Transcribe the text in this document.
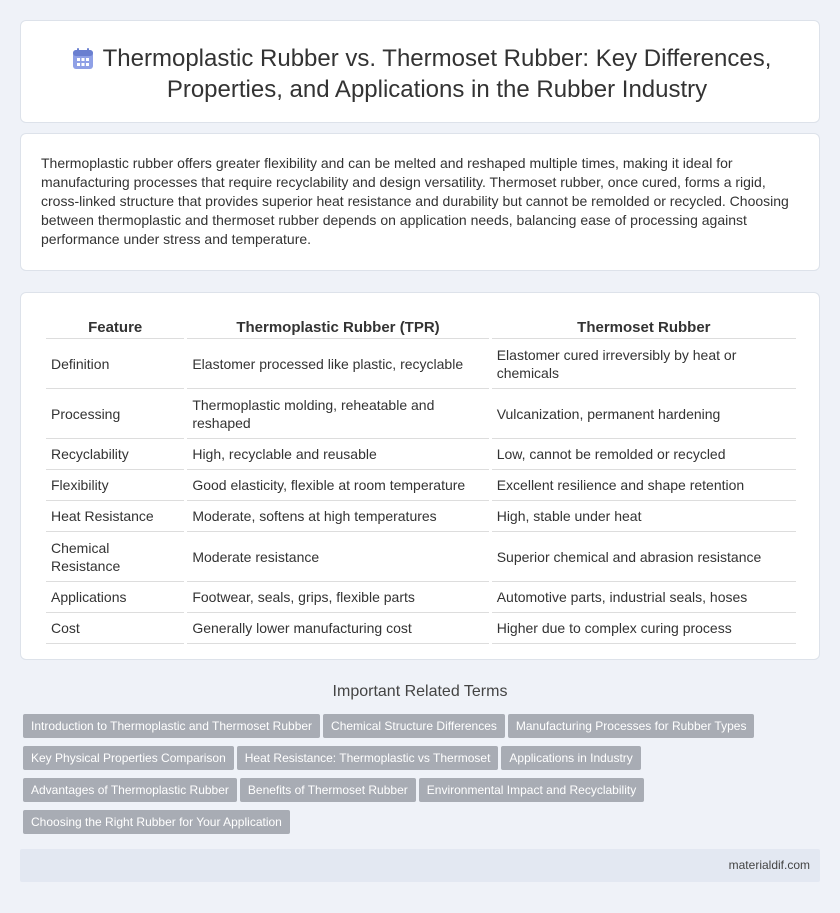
Thermoplastic Rubber vs. Thermoset Rubber: Key Differences, Properties, and Applications in the Rubber Industry

Thermoplastic rubber offers greater flexibility and can be melted and reshaped multiple times, making it ideal for manufacturing processes that require recyclability and design versatility. Thermoset rubber, once cured, forms a rigid, cross-linked structure that provides superior heat resistance and durability but cannot be remolded or recycled. Choosing between thermoplastic and thermoset rubber depends on application needs, balancing ease of processing against performance under stress and temperature.

Feature	Thermoplastic Rubber (TPR)	Thermoset Rubber
Definition	Elastomer processed like plastic, recyclable	Elastomer cured irreversibly by heat or chemicals
Processing	Thermoplastic molding, reheatable and reshaped	Vulcanization, permanent hardening
Recyclability	High, recyclable and reusable	Low, cannot be remolded or recycled
Flexibility	Good elasticity, flexible at room temperature	Excellent resilience and shape retention
Heat Resistance	Moderate, softens at high temperatures	High, stable under heat
Chemical Resistance	Moderate resistance	Superior chemical and abrasion resistance
Applications	Footwear, seals, grips, flexible parts	Automotive parts, industrial seals, hoses
Cost	Generally lower manufacturing cost	Higher due to complex curing process
Important Related Terms
Introduction to Thermoplastic and Thermoset Rubber Chemical Structure Differences Manufacturing Processes for Rubber Types
Key Physical Properties Comparison Heat Resistance: Thermoplastic vs Thermoset Applications in Industry
Advantages of Thermoplastic Rubber Benefits of Thermoset Rubber Environmental Impact and Recyclability
Choosing the Right Rubber for Your Application
materialdif.com
